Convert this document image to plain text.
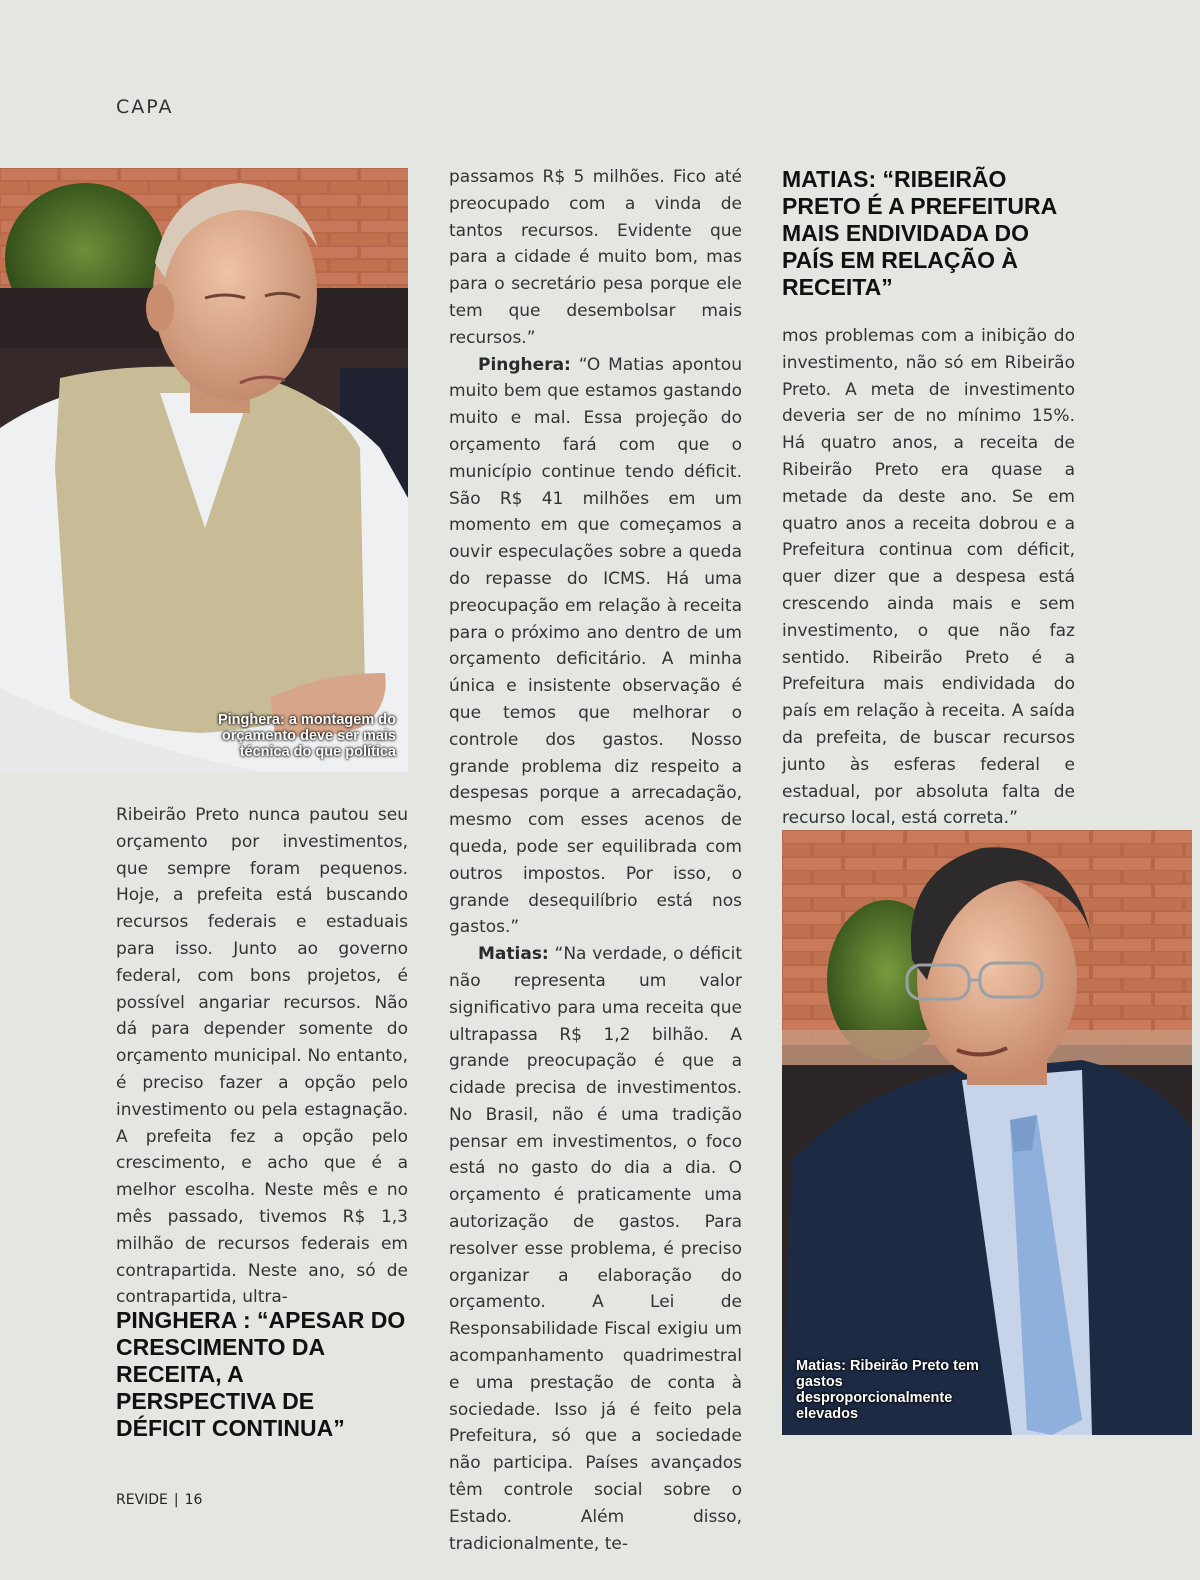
CAPA
Pinghera: a montagem do orçamento deve ser mais técnica do que política

Ribeirão Preto nunca pautou seu orçamento por investimentos, que sempre foram pequenos. Hoje, a prefeita está buscando recursos federais e estaduais para isso. Junto ao governo federal, com bons projetos, é possível angariar recursos. Não dá para depender somente do orçamento municipal. No entanto, é preciso fazer a opção pelo investimento ou pela estagnação. A prefeita fez a opção pelo crescimento, e acho que é a melhor escolha. Neste mês e no mês passado, tivemos R$ 1,3 milhão de recursos federais em contrapartida. Neste ano, só de contrapartida, ultra-

PINGHERA : “APESAR DO CRESCIMENTO DA RECEITA, A PERSPECTIVA DE DÉFICIT CONTINUA”

passamos R$ 5 milhões. Fico até preocupado com a vinda de tantos recursos. Evidente que para a cidade é muito bom, mas para o secretário pesa porque ele tem que desembolsar mais recursos.”

Pinghera: “O Matias apontou muito bem que estamos gastando muito e mal. Essa projeção do orçamento fará com que o município continue tendo déficit. São R$ 41 milhões em um momento em que começamos a ouvir especulações sobre a queda do repasse do ICMS. Há uma preocupação em relação à receita para o próximo ano dentro de um orçamento deficitário. A minha única e insistente observação é que temos que melhorar o controle dos gastos. Nosso grande problema diz respeito a despesas porque a arrecadação, mesmo com esses acenos de queda, pode ser equilibrada com outros impostos. Por isso, o grande desequilíbrio está nos gastos.”

Matias: “Na verdade, o déficit não representa um valor significativo para uma receita que ultrapassa R$ 1,2 bilhão. A grande preocupação é que a cidade precisa de investimentos. No Brasil, não é uma tradição pensar em investimentos, o foco está no gasto do dia a dia. O orçamento é praticamente uma autorização de gastos. Para resolver esse problema, é preciso organizar a elaboração do orçamento. A Lei de Responsabilidade Fiscal exigiu um acompanhamento quadrimestral e uma prestação de conta à sociedade. Isso já é feito pela Prefeitura, só que a sociedade não participa. Países avançados têm controle social sobre o Estado. Além disso, tradicionalmente, te-

MATIAS: “RIBEIRÃO PRETO É A PREFEITURA MAIS ENDIVIDADA DO PAÍS EM RELAÇÃO À RECEITA”

mos problemas com a inibição do investimento, não só em Ribeirão Preto. A meta de investimento deveria ser de no mínimo 15%. Há quatro anos, a receita de Ribeirão Preto era quase a metade da deste ano. Se em quatro anos a receita dobrou e a Prefeitura continua com déficit, quer dizer que a despesa está crescendo ainda mais e sem investimento, o que não faz sentido. Ribeirão Preto é a Prefeitura mais endividada do país em relação à receita. A saída da prefeita, de buscar recursos junto às esferas federal e estadual, por absoluta falta de recurso local, está correta.”

Matias: Ribeirão Preto tem gastos desproporcionalmente elevados
REVIDE | 16
